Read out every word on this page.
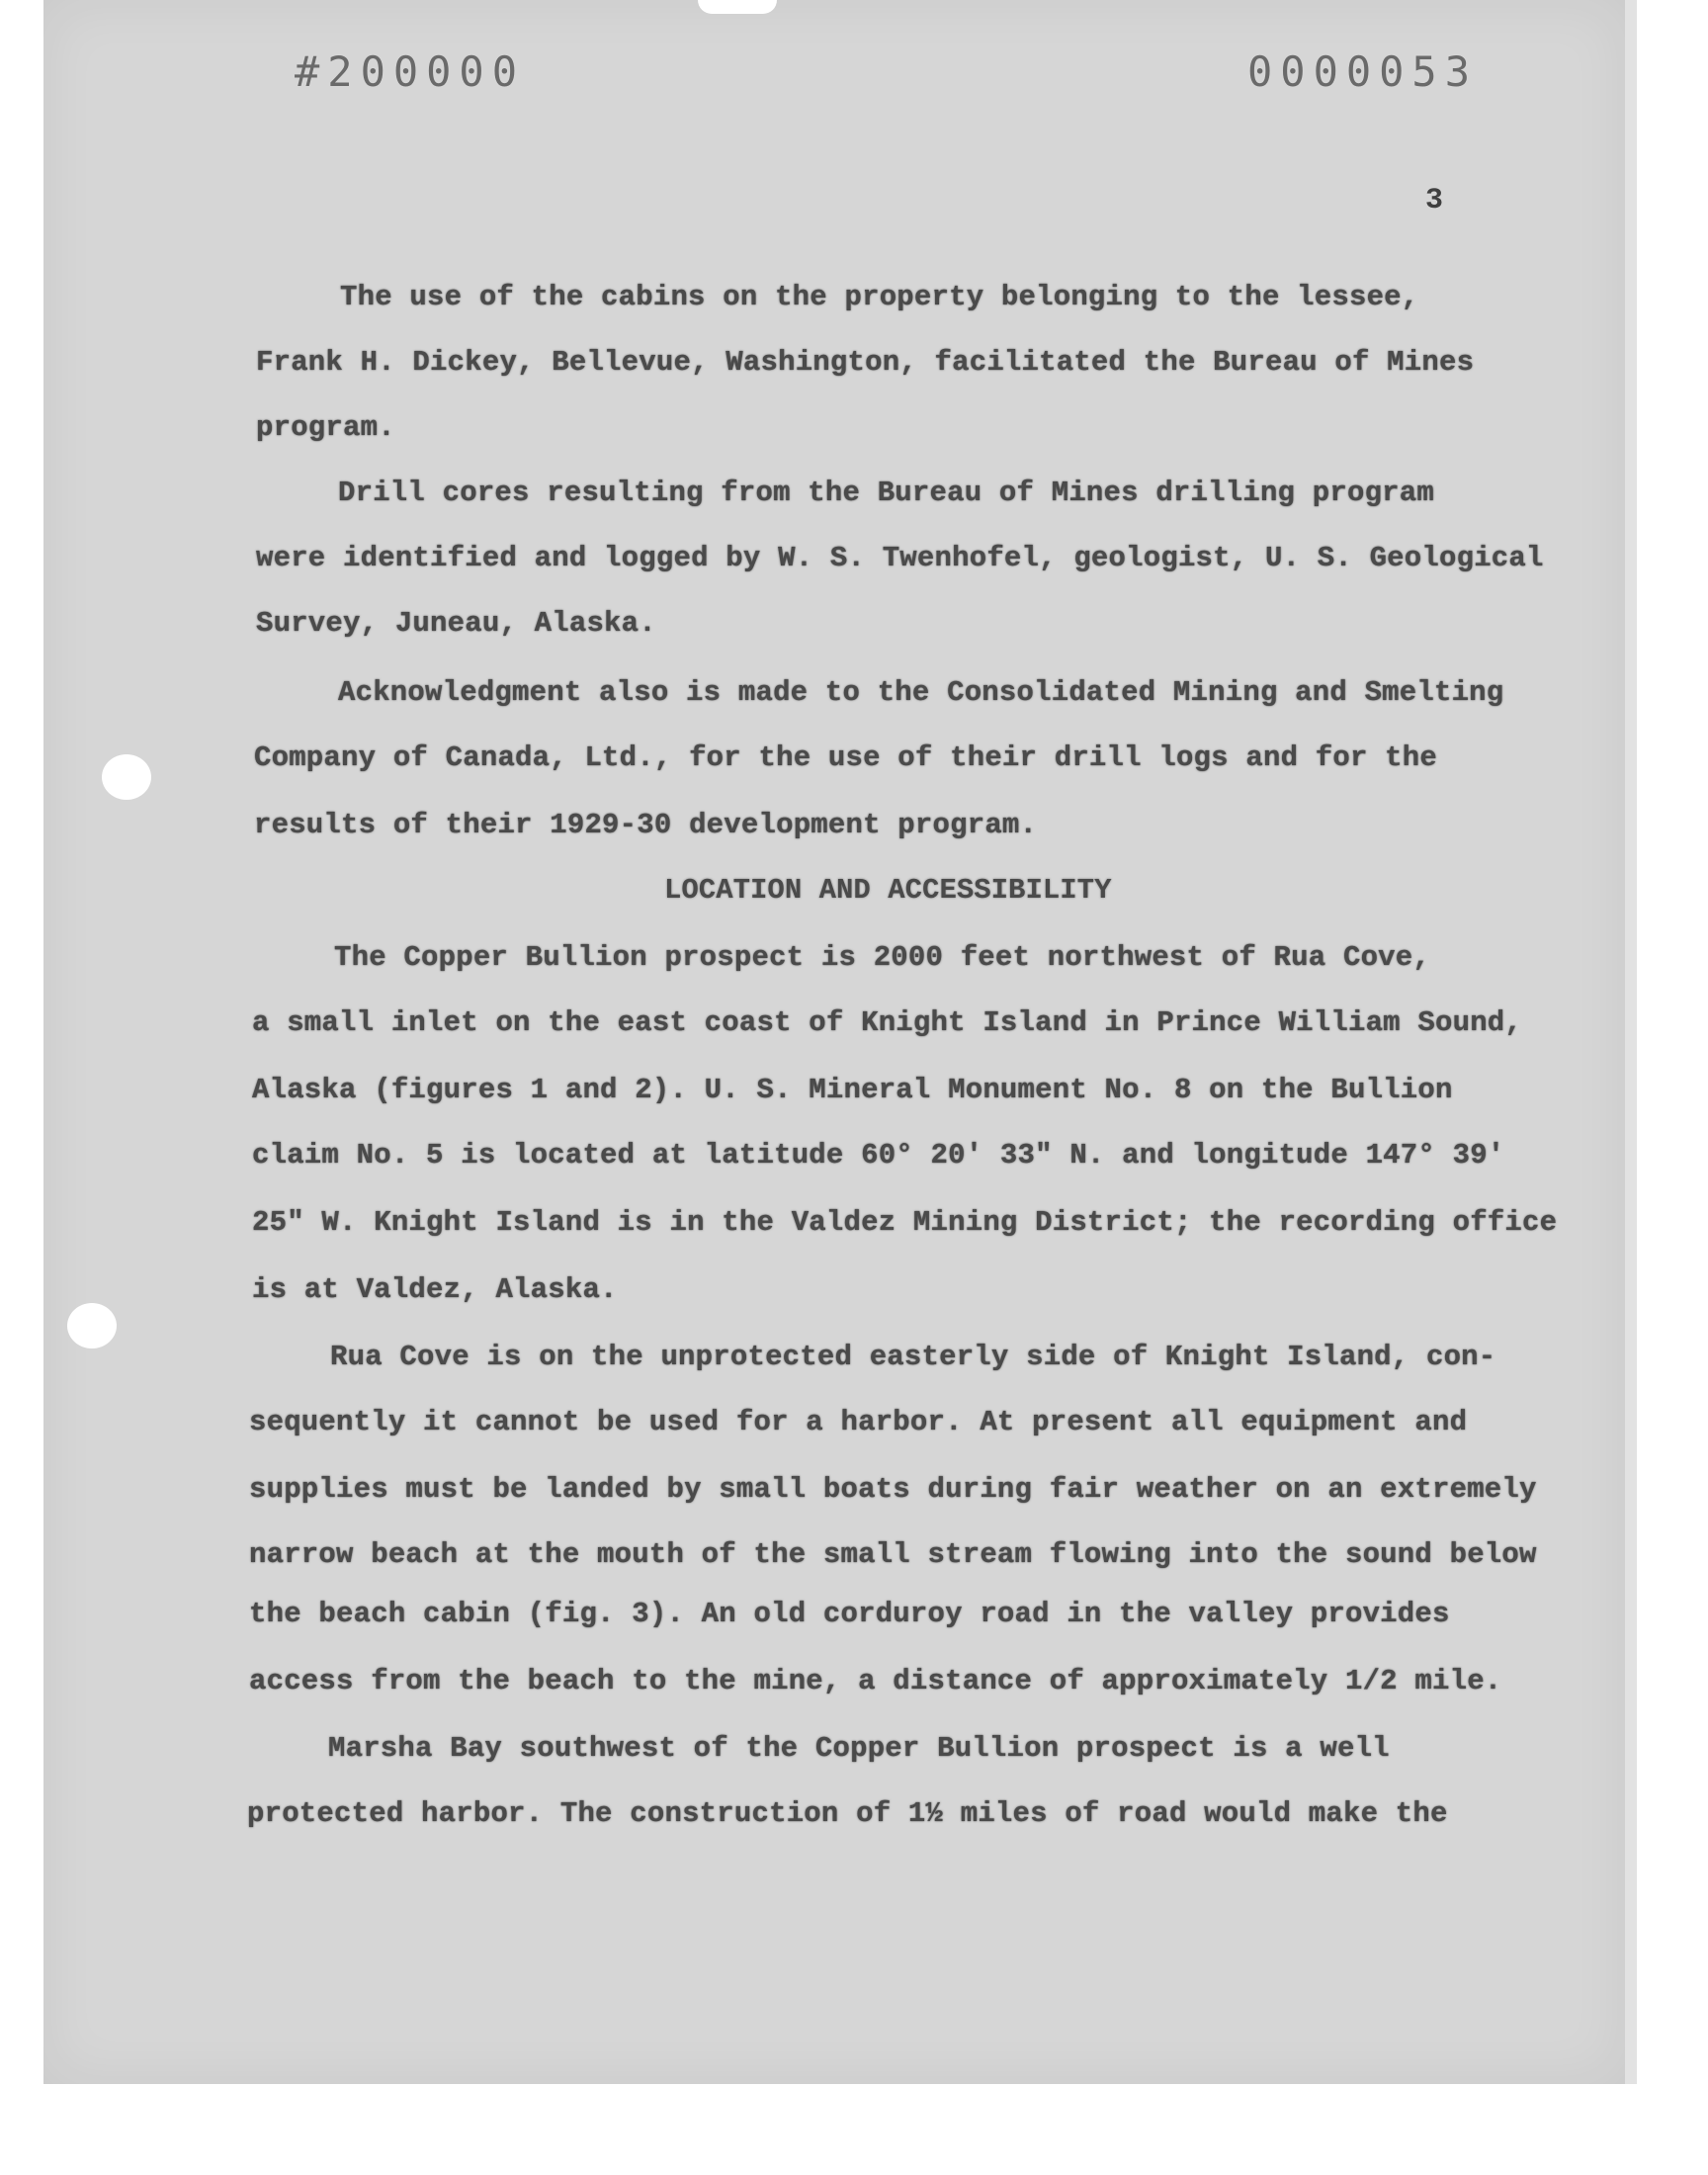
#200000	0000053
3
The use of the cabins on the property belonging to the lessee,
Frank H. Dickey, Bellevue, Washington, facilitated the Bureau of Mines
program.
Drill cores resulting from the Bureau of Mines drilling program
were identified and logged by W. S. Twenhofel, geologist, U. S. Geological
Survey, Juneau, Alaska.
Acknowledgment also is made to the Consolidated Mining and Smelting
Company of Canada, Ltd., for the use of their drill logs and for the
results of their 1929-30 development program.
LOCATION AND ACCESSIBILITY
The Copper Bullion prospect is 2000 feet northwest of Rua Cove,
a small inlet on the east coast of Knight Island in Prince William Sound,
Alaska (figures 1 and 2). U. S. Mineral Monument No. 8 on the Bullion
claim No. 5 is located at latitude 60° 20' 33" N. and longitude 147° 39'
25" W. Knight Island is in the Valdez Mining District; the recording office
is at Valdez, Alaska.
Rua Cove is on the unprotected easterly side of Knight Island, con-
sequently it cannot be used for a harbor. At present all equipment and
supplies must be landed by small boats during fair weather on an extremely
narrow beach at the mouth of the small stream flowing into the sound below
the beach cabin (fig. 3). An old corduroy road in the valley provides
access from the beach to the mine, a distance of approximately 1/2 mile.
Marsha Bay southwest of the Copper Bullion prospect is a well
protected harbor. The construction of 1½ miles of road would make the
